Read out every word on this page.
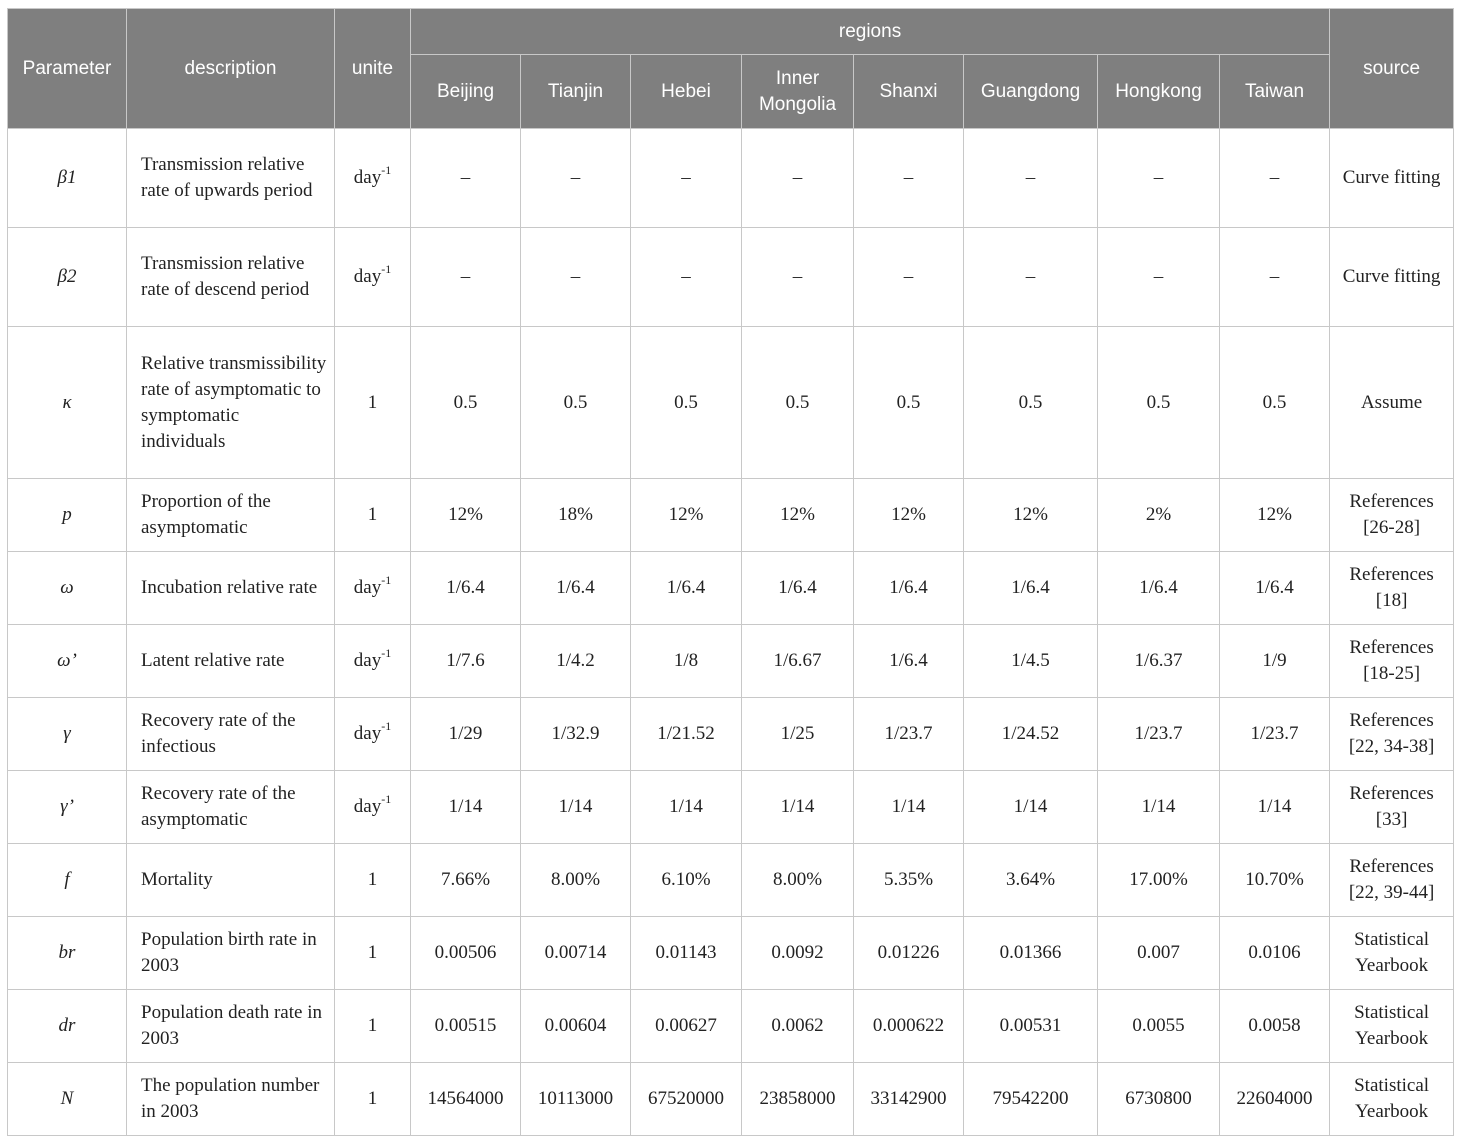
Parameter	description	unite	regions								source
			Beijing	Tianjin	Hebei	Inner Mongolia	Shanxi	Guangdong	Hongkong	Taiwan	
β1	Transmission relative rate of upwards period	day$^{-1}$	–	–	–	–	–	–	–	–	Curve fitting
β2	Transmission relative rate of descend period	day$^{-1}$	–	–	–	–	–	–	–	–	Curve fitting
κ	Relative transmissibility rate of asymptomatic to symptomatic individuals	1	0.5	0.5	0.5	0.5	0.5	0.5	0.5	0.5	Assume
p	Proportion of the asymptomatic	1	12%	18%	12%	12%	12%	12%	2%	12%	References [26-28]
ω	Incubation relative rate	day$^{-1}$	1/6.4	1/6.4	1/6.4	1/6.4	1/6.4	1/6.4	1/6.4	1/6.4	References [18]
ω’	Latent relative rate	day$^{-1}$	1/7.6	1/4.2	1/8	1/6.67	1/6.4	1/4.5	1/6.37	1/9	References [18-25]
γ	Recovery rate of the infectious	day$^{-1}$	1/29	1/32.9	1/21.52	1/25	1/23.7	1/24.52	1/23.7	1/23.7	References [22, 34-38]
γ’	Recovery rate of the asymptomatic	day$^{-1}$	1/14	1/14	1/14	1/14	1/14	1/14	1/14	1/14	References [33]
f	Mortality	1	7.66%	8.00%	6.10%	8.00%	5.35%	3.64%	17.00%	10.70%	References [22, 39-44]
br	Population birth rate in 2003	1	0.00506	0.00714	0.01143	0.0092	0.01226	0.01366	0.007	0.0106	Statistical Yearbook
dr	Population death rate in 2003	1	0.00515	0.00604	0.00627	0.0062	0.000622	0.00531	0.0055	0.0058	Statistical Yearbook
N	The population number in 2003	1	14564000	10113000	67520000	23858000	33142900	79542200	6730800	22604000	Statistical Yearbook
